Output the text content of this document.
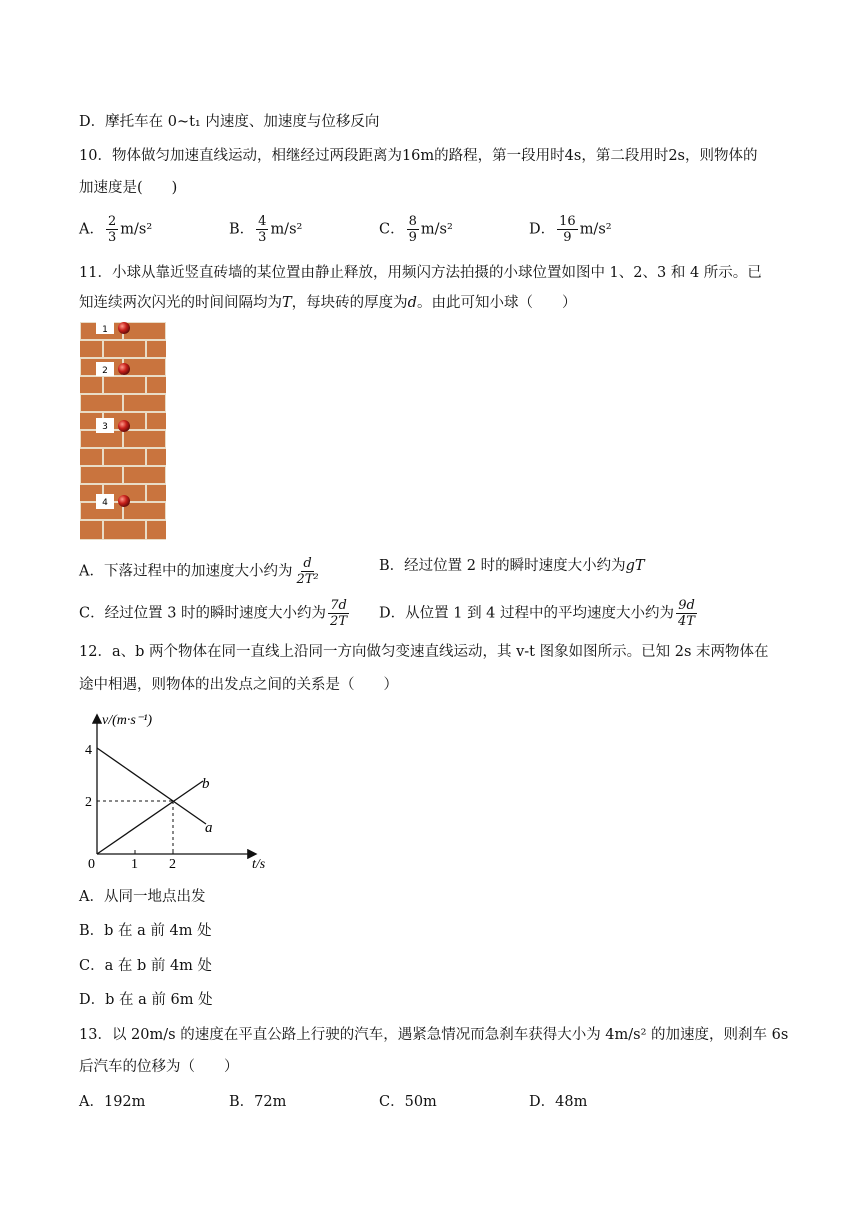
D．摩托车在 0~t₁ 内速度、加速度与位移反向
10．物体做匀加速直线运动，相继经过两段距离为16m的路程，第一段用时4s，第二段用时2s，则物体的
加速度是(　　)
A． $\frac{2}{3} m/s^2$	B． $\frac{4}{3} m/s^2$	C． $\frac{8}{9} m/s^2$	D． $\frac{16}{9} m/s^2$
11．小球从靠近竖直砖墙的某位置由静止释放，用频闪方法拍摄的小球位置如图中 1、2、3 和 4 所示。已
知连续两次闪光的时间间隔均为T，每块砖的厚度为d。由此可知小球（　　）
1
2
3
4
A．下落过程中的加速度大小约为 $\frac{d}{\text{2T²}}$	B．经过位置 2 时的瞬时速度大小约为gT
C．经过位置 3 时的瞬时速度大小约为 $\frac{7d}{2T}$ D．从位置 1 到 4 过程中的平均速度大小约为 $\frac{9d}{4T}$
12．a、b 两个物体在同一直线上沿同一方向做匀变速直线运动，其 v-t 图象如图所示。已知 2s 末两物体在
途中相遇，则物体的出发点之间的关系是（　　）
v/(m·s⁻¹)
t/s
4
2
0	1 2
b
a
A．从同一地点出发
B．b 在 a 前 4m 处
C．a 在 b 前 4m 处
D．b 在 a 前 6m 处
13．以 20m/s 的速度在平直公路上行驶的汽车，遇紧急情况而急刹车获得大小为 4m/s² 的加速度，则刹车 6s
后汽车的位移为（　　）
A．192m	B．72m	C．50m	D．48m
